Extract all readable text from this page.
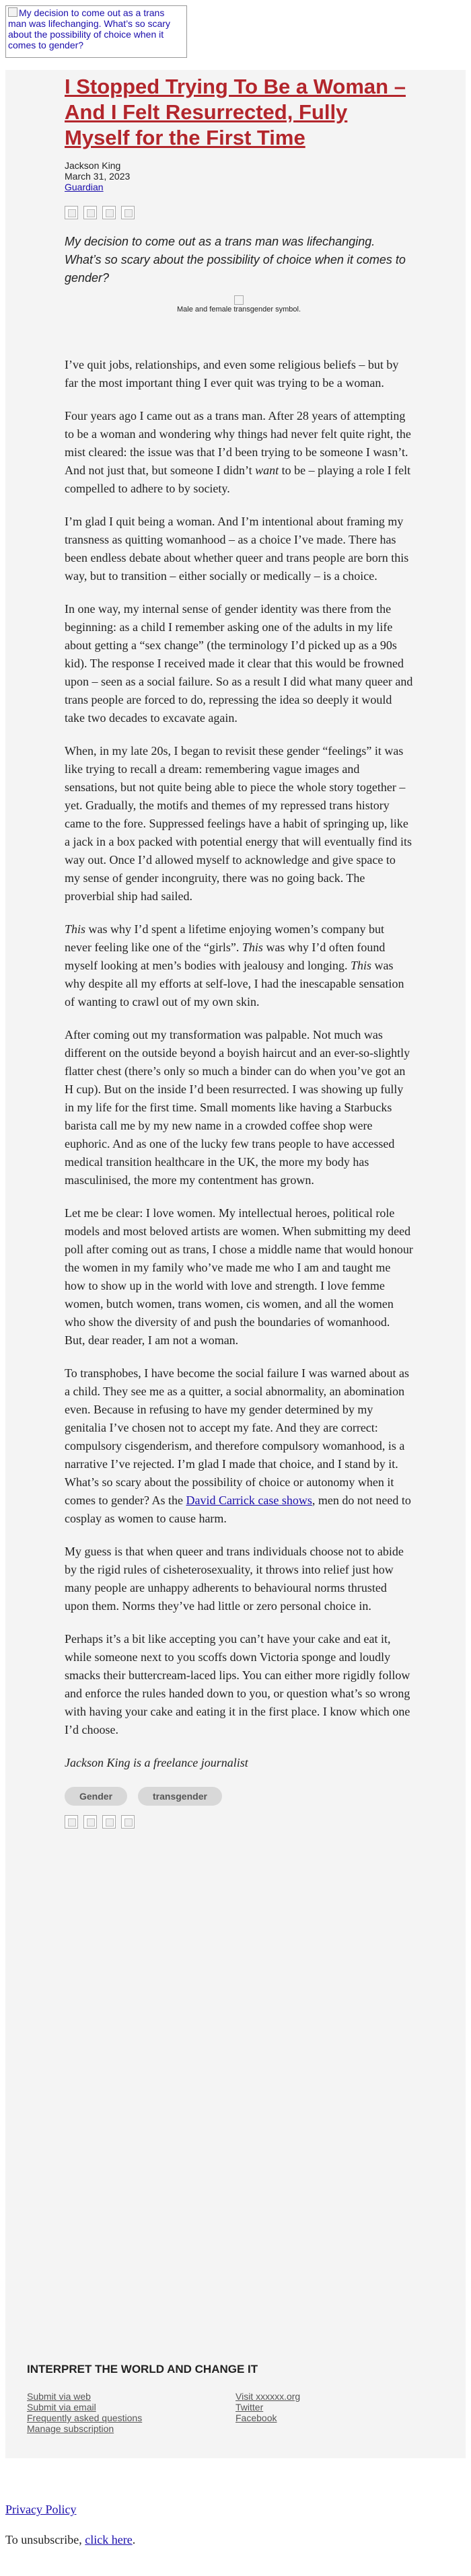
My decision to come out as a trans man was lifechanging. What’s so scary about the possibility of choice when it comes to gender?
I Stopped Trying To Be a Woman – And I Felt Resurrected, Fully Myself for the First Time
Jackson King
March 31, 2023
Guardian
My decision to come out as a trans man was lifechanging. What’s so scary about the possibility of choice when it comes to gender?
Male and female transgender symbol.

I’ve quit jobs, relationships, and even some religious beliefs – but by far the most important thing I ever quit was trying to be a woman.

Four years ago I came out as a trans man. After 28 years of attempting to be a woman and wondering why things had never felt quite right, the mist cleared: the issue was that I’d been trying to be someone I wasn’t. And not just that, but someone I didn’t want to be – playing a role I felt compelled to adhere to by society.

I’m glad I quit being a woman. And I’m intentional about framing my transness as quitting womanhood – as a choice I’ve made. There has been endless debate about whether queer and trans people are born this way, but to transition – either socially or medically – is a choice.

In one way, my internal sense of gender identity was there from the beginning: as a child I remember asking one of the adults in my life about getting a “sex change” (the terminology I’d picked up as a 90s kid). The response I received made it clear that this would be frowned upon – seen as a social failure. So as a result I did what many queer and trans people are forced to do, repressing the idea so deeply it would take two decades to excavate again.

When, in my late 20s, I began to revisit these gender “feelings” it was like trying to recall a dream: remembering vague images and sensations, but not quite being able to piece the whole story together – yet. Gradually, the motifs and themes of my repressed trans history came to the fore. Suppressed feelings have a habit of springing up, like a jack in a box packed with potential energy that will eventually find its way out. Once I’d allowed myself to acknowledge and give space to my sense of gender incongruity, there was no going back. The proverbial ship had sailed.

This was why I’d spent a lifetime enjoying women’s company but never feeling like one of the “girls”. This was why I’d often found myself looking at men’s bodies with jealousy and longing. This was why despite all my efforts at self-love, I had the inescapable sensation of wanting to crawl out of my own skin.

After coming out my transformation was palpable. Not much was different on the outside beyond a boyish haircut and an ever-so-slightly flatter chest (there’s only so much a binder can do when you’ve got an H cup). But on the inside I’d been resurrected. I was showing up fully in my life for the first time. Small moments like having a Starbucks barista call me by my new name in a crowded coffee shop were euphoric. And as one of the lucky few trans people to have accessed medical transition healthcare in the UK, the more my body has masculinised, the more my contentment has grown.

Let me be clear: I love women. My intellectual heroes, political role models and most beloved artists are women. When submitting my deed poll after coming out as trans, I chose a middle name that would honour the women in my family who’ve made me who I am and taught me how to show up in the world with love and strength. I love femme women, butch women, trans women, cis women, and all the women who show the diversity of and push the boundaries of womanhood. But, dear reader, I am not a woman.

To transphobes, I have become the social failure I was warned about as a child. They see me as a quitter, a social abnormality, an abomination even. Because in refusing to have my gender determined by my genitalia I’ve chosen not to accept my fate. And they are correct: compulsory cisgenderism, and therefore compulsory womanhood, is a narrative I’ve rejected. I’m glad I made that choice, and I stand by it. What’s so scary about the possibility of choice or autonomy when it comes to gender? As the David Carrick case shows, men do not need to cosplay as women to cause harm.

My guess is that when queer and trans individuals choose not to abide by the rigid rules of cisheterosexuality, it throws into relief just how many people are unhappy adherents to behavioural norms thrusted upon them. Norms they’ve had little or zero personal choice in.

Perhaps it’s a bit like accepting you can’t have your cake and eat it, while someone next to you scoffs down Victoria sponge and loudly smacks their buttercream-laced lips. You can either more rigidly follow and enforce the rules handed down to you, or question what’s so wrong with having your cake and eating it in the first place. I know which one I’d choose.

Jackson King is a freelance journalist

Gender	transgender
INTERPRET THE WORLD AND CHANGE IT
Submit via web
Submit via email
Frequently asked questions
Manage subscription
Visit xxxxxx.org
Twitter
Facebook
Privacy Policy
To unsubscribe, click here.
